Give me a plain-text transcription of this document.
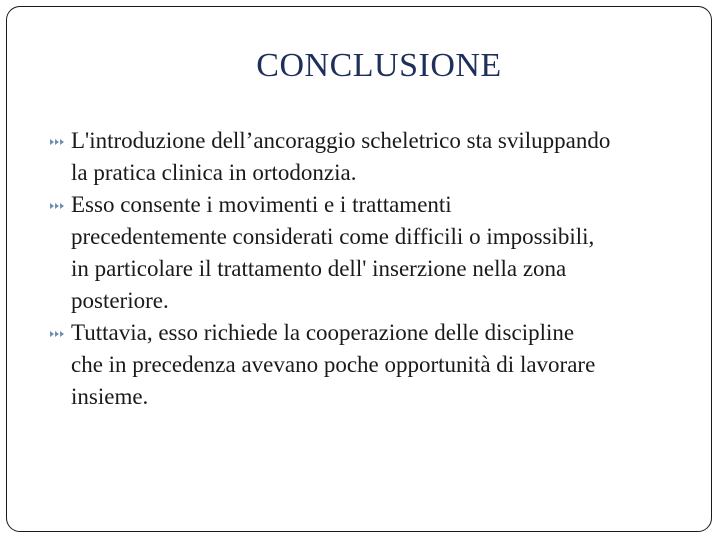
CONCLUSIONE
L'introduzione dell’ancoraggio scheletrico sta sviluppando la pratica clinica in ortodonzia.
Esso consente i movimenti e i trattamenti precedentemente considerati come difficili o impossibili, in particolare il trattamento dell' inserzione nella zona posteriore.
Tuttavia, esso richiede la cooperazione delle discipline che in precedenza avevano poche opportunità di lavorare insieme.
